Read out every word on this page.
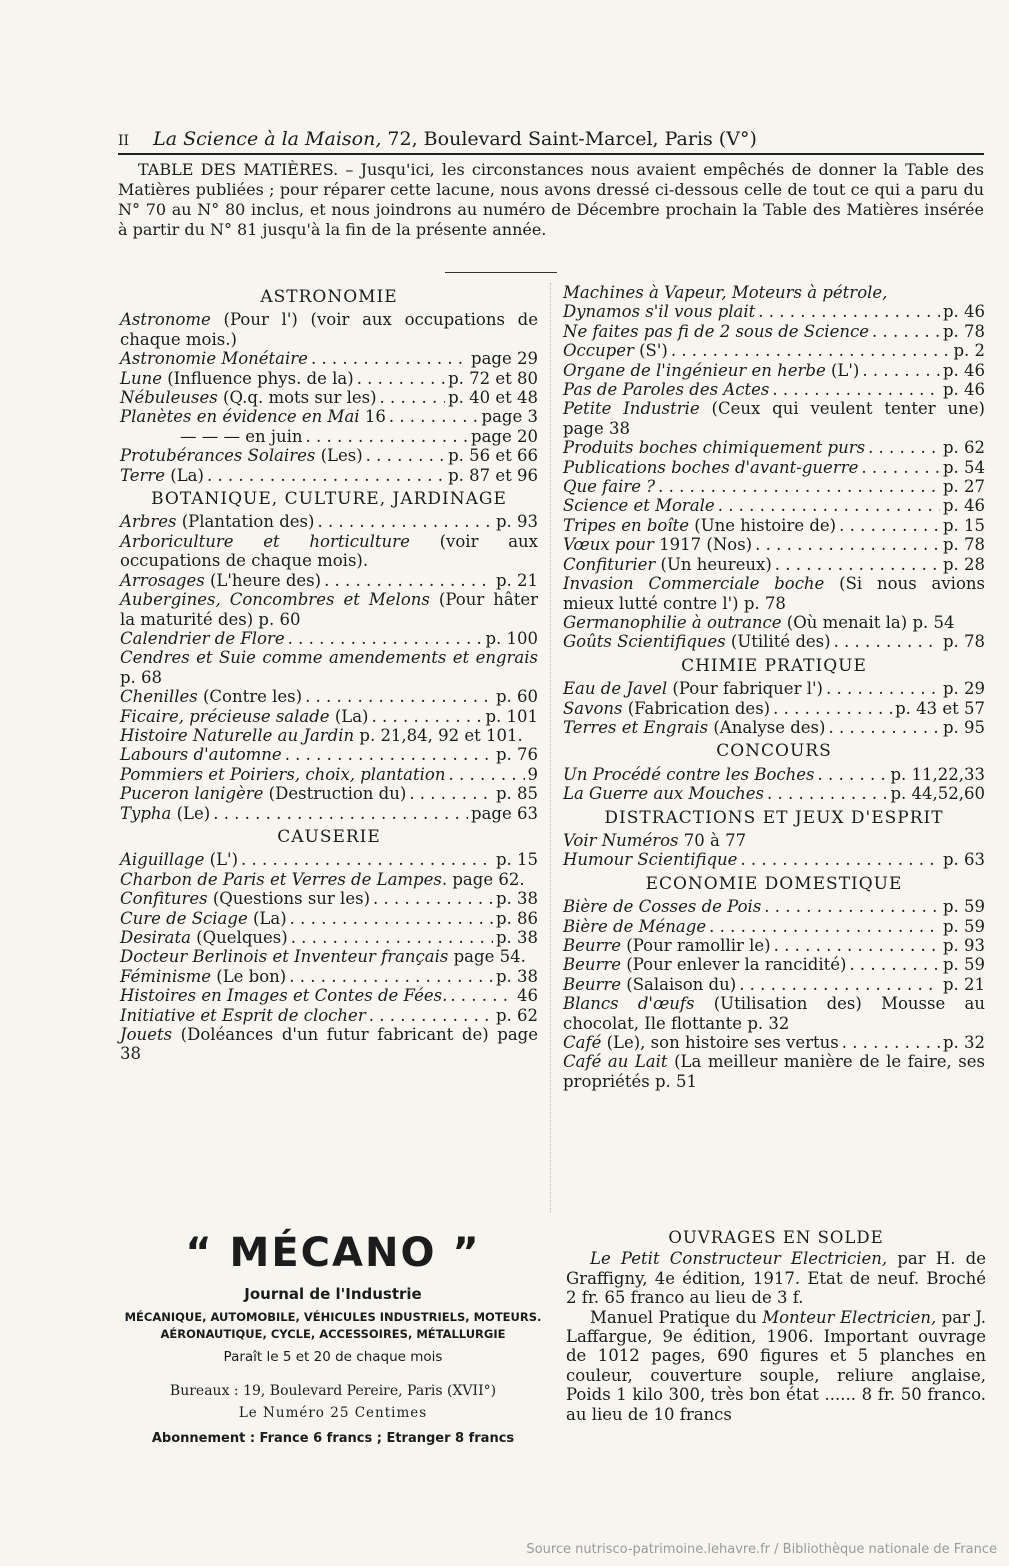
II La Science à la Maison, 72, Boulevard Saint-Marcel, Paris (V°)
TABLE DES MATIÈRES. – Jusqu'ici, les circonstances nous avaient empêchés de donner la Table des Matières publiées ; pour réparer cette lacune, nous avons dressé ci-dessous celle de tout ce qui a paru du N° 70 au N° 80 inclus, et nous joindrons au numéro de Décembre prochain la Table des Matières insérée à partir du N° 81 jusqu'à la fin de la présente année.
ASTRONOMIE
Astronome (Pour l') (voir aux occupations de chaque mois.)
Astronomie Monétaire . . .	page 29
Lune (Influence phys. de la) . . .	p. 72 et 80
Nébuleuses (Q.q. mots sur les) . . .	p. 40 et 48
Planètes en évidence en Mai 16 . . .	page 3
— — — en juin . . .	page 20
Protubérances Solaires (Les) . . .	p. 56 et 66
Terre (La) . . .	p. 87 et 96
BOTANIQUE, CULTURE, JARDINAGE
Arbres (Plantation des) . . .	p. 93
Arboriculture et horticulture (voir aux occupations de chaque mois).
Arrosages (L'heure des) . . .	p. 21
Aubergines, Concombres et Melons (Pour hâter la maturité des) p. 60
Calendrier de Flore . . .	p. 100
Cendres et Suie comme amendements et engrais p. 68
Chenilles (Contre les) . . .	p. 60
Ficaire, précieuse salade (La) . . .	p. 101
Histoire Naturelle au Jardin p. 21,84, 92 et 101.
Labours d'automne . . .	p. 76
Pommiers et Poiriers, choix, plantation . . .	9
Puceron lanigère (Destruction du) . . .	p. 85
Typha (Le) . . .	page 63
CAUSERIE
Aiguillage (L') . . .	p. 15
Charbon de Paris et Verres de Lampes. page 62.
Confitures (Questions sur les) . . .	p. 38
Cure de Sciage (La) . . .	p. 86
Desirata (Quelques) . . .	p. 38
Docteur Berlinois et Inventeur français page 54.
Féminisme (Le bon) . . .	p. 38
Histoires en Images et Contes de Fées. . . .	46
Initiative et Esprit de clocher . . .	p. 62
Jouets (Doléances d'un futur fabricant de) page 38
Machines à Vapeur, Moteurs à pétrole,
Dynamos s'il vous plait . . .	p. 46
Ne faites pas fi de 2 sous de Science . . .	p. 78
Occuper (S') . . .	p. 2
Organe de l'ingénieur en herbe (L') . . .	p. 46
Pas de Paroles des Actes . . .	p. 46
Petite Industrie (Ceux qui veulent tenter une) page 38
Produits boches chimiquement purs . . .	p. 62
Publications boches d'avant-guerre . . .	p. 54
Que faire ? . . .	p. 27
Science et Morale . . .	p. 46
Tripes en boîte (Une histoire de) . . .	p. 15
Vœux pour 1917 (Nos) . . .	p. 78
Confiturier (Un heureux) . . .	p. 28
Invasion Commerciale boche (Si nous avions mieux lutté contre l') p. 78
Germanophilie à outrance (Où menait la) p. 54
Goûts Scientifiques (Utilité des) . . .	p. 78
CHIMIE PRATIQUE
Eau de Javel (Pour fabriquer l') . . .	p. 29
Savons (Fabrication des) . . .	p. 43 et 57
Terres et Engrais (Analyse des) . . .	p. 95
CONCOURS
Un Procédé contre les Boches . . .	p. 11,22,33
La Guerre aux Mouches . . .	p. 44,52,60
DISTRACTIONS ET JEUX D'ESPRIT
Voir Numéros 70 à 77
Humour Scientifique . . .	p. 63
ECONOMIE DOMESTIQUE
Bière de Cosses de Pois . . .	p. 59
Bière de Ménage . . .	p. 59
Beurre (Pour ramollir le) . . .	p. 93
Beurre (Pour enlever la rancidité) . . .	p. 59
Beurre (Salaison du) . . .	p. 21
Blancs d'œufs (Utilisation des) Mousse au chocolat, Ile flottante p. 32
Café (Le), son histoire ses vertus . . .	p. 32
Café au Lait (La meilleur manière de le faire, ses propriétés p. 51
“ MÉCANO ”
Journal de l'Industrie
MÉCANIQUE, AUTOMOBILE, VÉHICULES INDUSTRIELS, MOTEURS.
AÉRONAUTIQUE, CYCLE, ACCESSOIRES, MÉTALLURGIE
Paraît le 5 et 20 de chaque mois
Bureaux : 19, Boulevard Pereire, Paris (XVII°)
Le Numéro 25 Centimes
Abonnement : France 6 francs ; Etranger 8 francs
OUVRAGES EN SOLDE

Le Petit Constructeur Electricien, par H. de Graffigny, 4e édition, 1917. Etat de neuf. Broché 2 fr. 65 franco au lieu de 3 f.

Manuel Pratique du Monteur Electricien, par J. Laffargue, 9e édition, 1906. Important ouvrage de 1012 pages, 690 figures et 5 planches en couleur, couverture souple, reliure anglaise, Poids 1 kilo 300, très bon état ...... 8 fr. 50 franco. au lieu de 10 francs

Source nutrisco-patrimoine.lehavre.fr / Bibliothèque nationale de France
